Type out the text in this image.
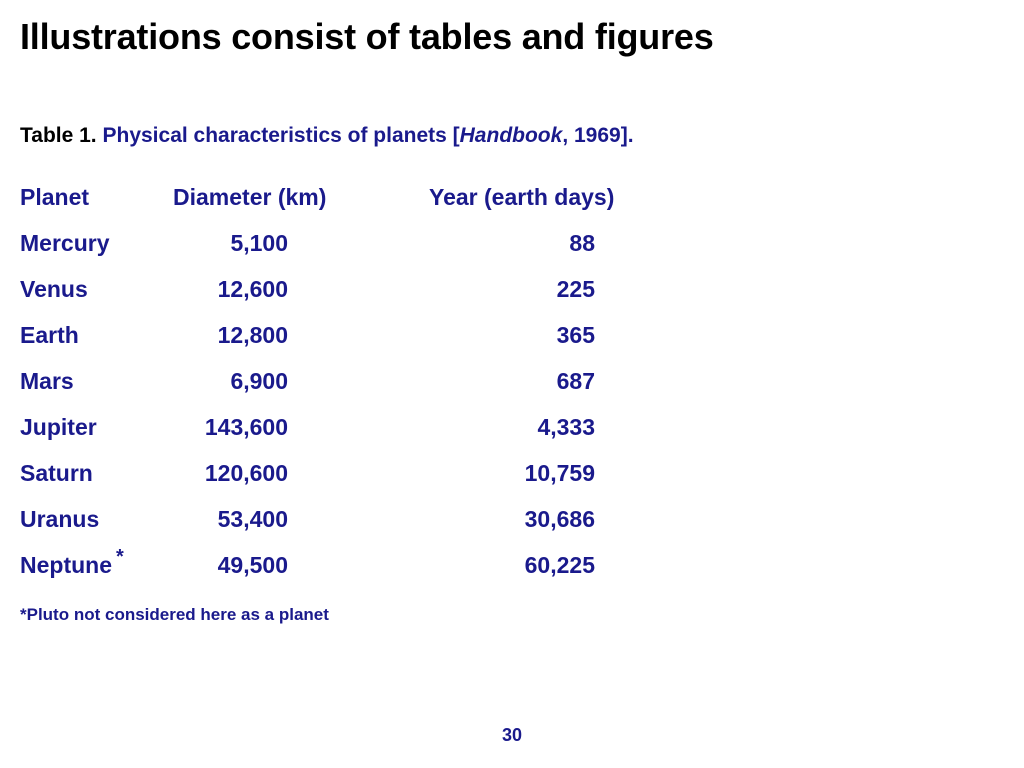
Illustrations consist of tables and figures
Table 1. Physical characteristics of planets [Handbook, 1969].
Planet	Diameter (km)	Year (earth days)
Mercury	5,100	88
Venus	12,600	225
Earth	12,800	365
Mars	6,900	687
Jupiter	143,600	4,333
Saturn	120,600	10,759
Uranus	53,400	30,686
Neptune *	49,500	60,225
*Pluto not considered here as a planet
30
